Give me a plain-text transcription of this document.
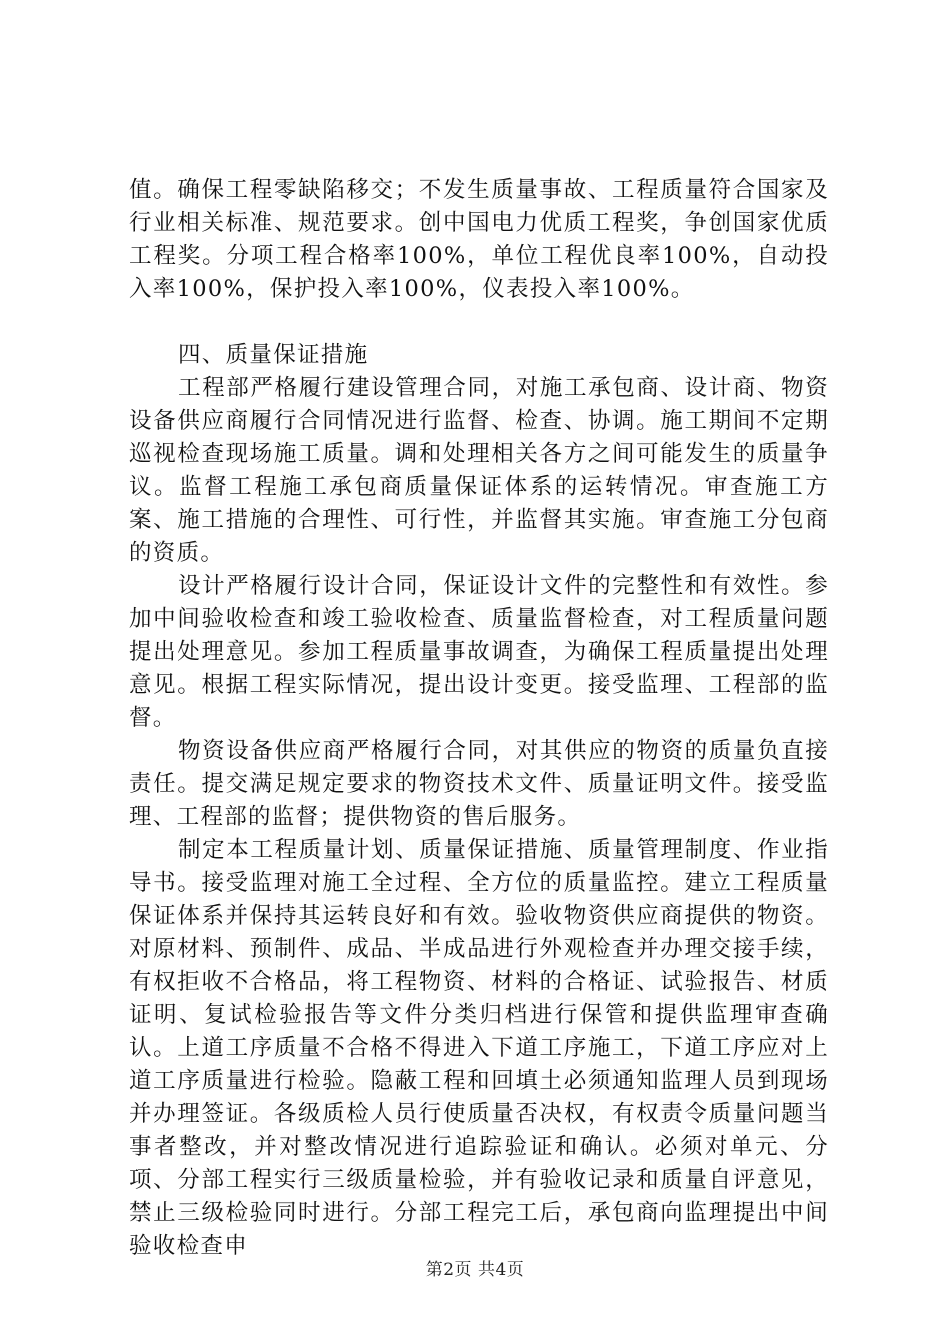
值。确保工程零缺陷移交；不发生质量事故、工程质量符合国家及行业相关标准、规范要求。创中国电力优质工程奖，争创国家优质工程奖。分项工程合格率100%，单位工程优良率100%，自动投入率100%，保护投入率100%，仪表投入率100%。

四、质量保证措施

工程部严格履行建设管理合同，对施工承包商、设计商、物资设备供应商履行合同情况进行监督、检查、协调。施工期间不定期巡视检查现场施工质量。调和处理相关各方之间可能发生的质量争议。监督工程施工承包商质量保证体系的运转情况。审查施工方案、施工措施的合理性、可行性，并监督其实施。审查施工分包商的资质。

设计严格履行设计合同，保证设计文件的完整性和有效性。参加中间验收检查和竣工验收检查、质量监督检查，对工程质量问题提出处理意见。参加工程质量事故调查，为确保工程质量提出处理意见。根据工程实际情况，提出设计变更。接受监理、工程部的监督。

物资设备供应商严格履行合同，对其供应的物资的质量负直接责任。提交满足规定要求的物资技术文件、质量证明文件。接受监理、工程部的监督；提供物资的售后服务。

制定本工程质量计划、质量保证措施、质量管理制度、作业指导书。接受监理对施工全过程、全方位的质量监控。建立工程质量保证体系并保持其运转良好和有效。验收物资供应商提供的物资。对原材料、预制件、成品、半成品进行外观检查并办理交接手续，有权拒收不合格品，将工程物资、材料的合格证、试验报告、材质证明、复试检验报告等文件分类归档进行保管和提供监理审查确认。上道工序质量不合格不得进入下道工序施工，下道工序应对上道工序质量进行检验。隐蔽工程和回填土必须通知监理人员到现场并办理签证。各级质检人员行使质量否决权，有权责令质量问题当事者整改，并对整改情况进行追踪验证和确认。必须对单元、分项、分部工程实行三级质量检验，并有验收记录和质量自评意见，禁止三级检验同时进行。分部工程完工后，承包商向监理提出中间验收检查申

第2页 共4页
